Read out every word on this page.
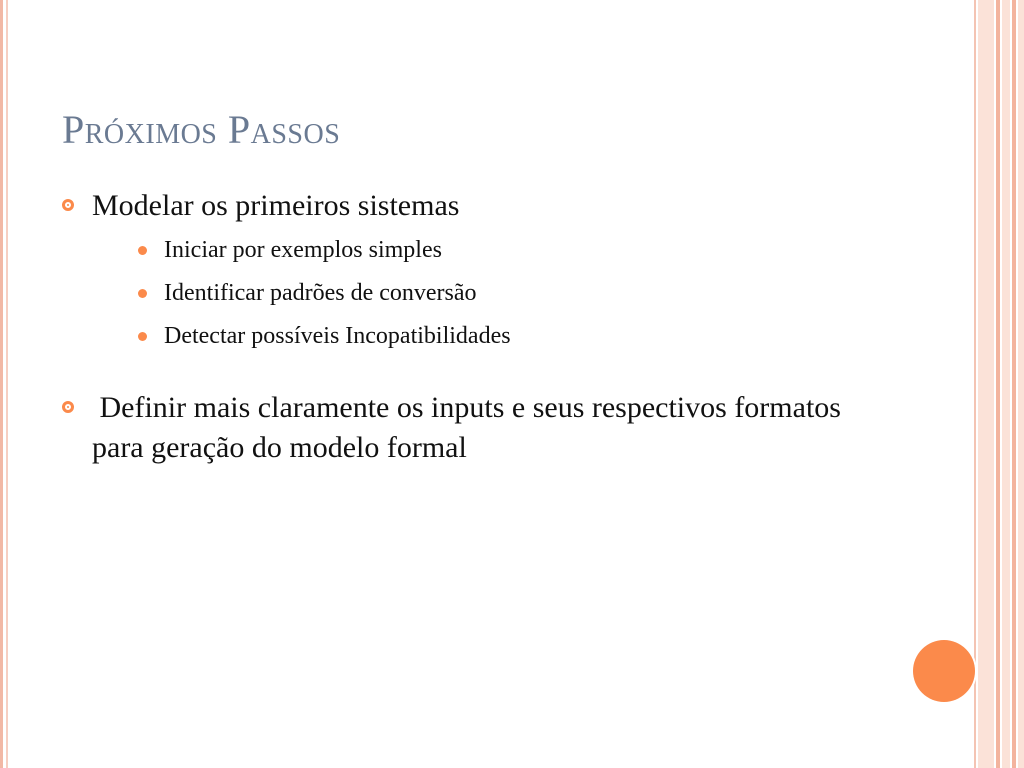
Próximos Passos
Modelar os primeiros sistemas
Iniciar por exemplos simples
Identificar padrões de conversão
Detectar possíveis Incopatibilidades
Definir mais claramente os inputs e seus respectivos formatos para geração do modelo formal
